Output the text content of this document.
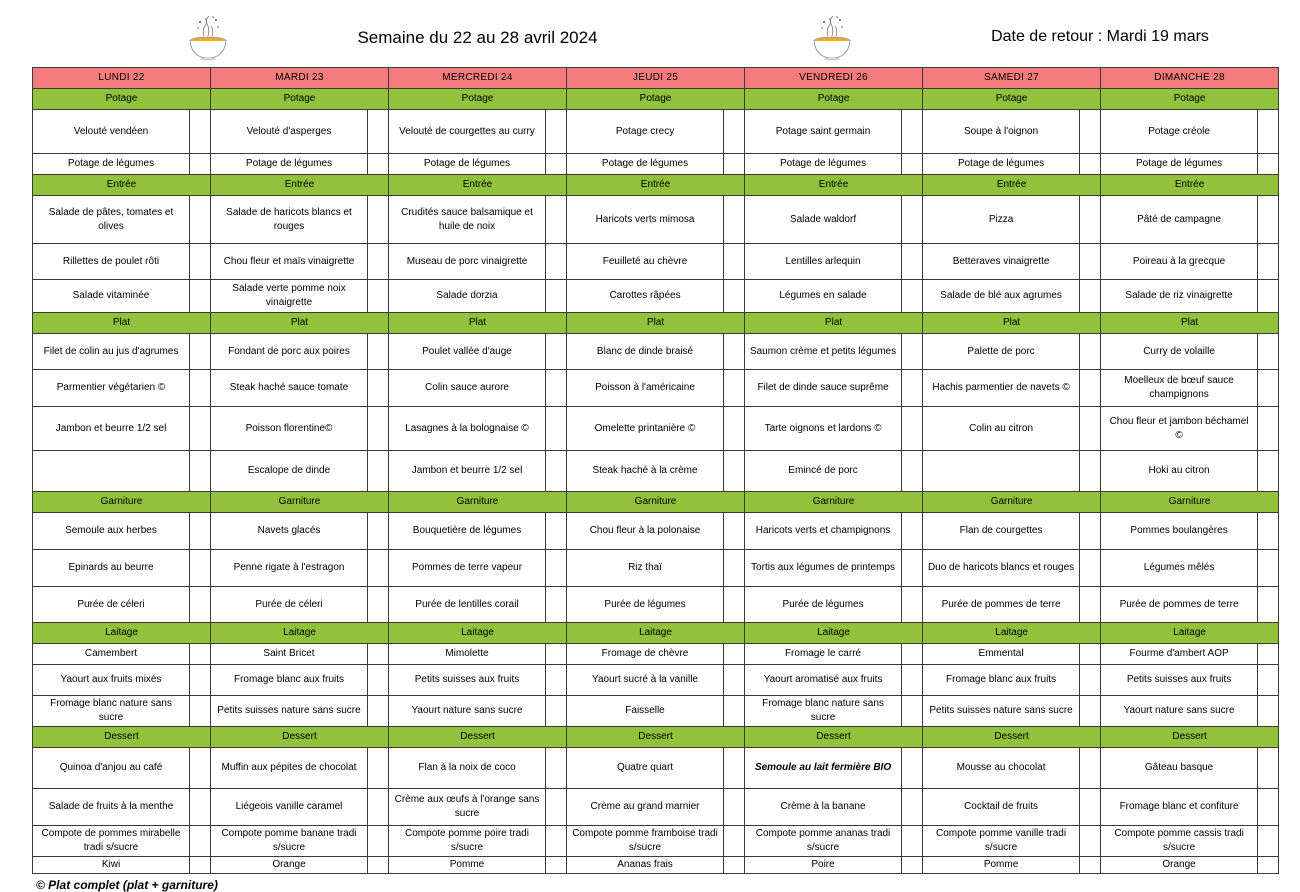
Semaine du 22 au 28 avril 2024	Date de retour : Mardi 19 mars
LUNDI 22		MARDI 23		MERCREDI 24		JEUDI 25		VENDREDI 26		SAMEDI 27		DIMANCHE 28	
Potage		Potage		Potage		Potage		Potage		Potage		Potage	
Velouté vendéen		Velouté d'asperges		Velouté de courgettes au curry		Potage crecy		Potage saint germain		Soupe à l'oignon		Potage créole	
Potage de légumes		Potage de légumes		Potage de légumes		Potage de légumes		Potage de légumes		Potage de légumes		Potage de légumes	
Entrée		Entrée		Entrée		Entrée		Entrée		Entrée		Entrée	
Salade de pâtes, tomates et olives		Salade de haricots blancs et rouges		Crudités sauce balsamique et huile de noix		Haricots verts mimosa		Salade waldorf		Pizza		Pâté de campagne	
Rillettes de poulet rôti		Chou fleur et maïs vinaigrette		Museau de porc vinaigrette		Feuilleté au chèvre		Lentilles arlequin		Betteraves vinaigrette		Poireau à la grecque	
Salade vitaminée		Salade verte pomme noix vinaigrette		Salade dorzia		Carottes râpées		Légumes en salade		Salade de blé aux agrumes		Salade de riz vinaigrette	
Plat		Plat		Plat		Plat		Plat		Plat		Plat	
Filet de colin au jus d'agrumes		Fondant de porc aux poires		Poulet vallée d'auge		Blanc de dinde braisé		Saumon crème et petits légumes		Palette de porc		Curry de volaille	
Parmentier végétarien ©		Steak haché sauce tomate		Colin sauce aurore		Poisson à l'américaine		Filet de dinde sauce suprême		Hachis parmentier de navets ©		Moelleux de bœuf sauce champignons	
Jambon et beurre 1/2 sel		Poisson florentine©		Lasagnes à la bolognaise ©		Omelette printanière ©		Tarte oignons et lardons ©		Colin au citron		Chou fleur et jambon béchamel ©	
		Escalope de dinde		Jambon et beurre 1/2 sel		Steak haché à la crème		Emincé de porc				Hoki au citron	
Garniture		Garniture		Garniture		Garniture		Garniture		Garniture		Garniture	
Semoule aux herbes		Navets glacés		Bouquetière de légumes		Chou fleur à la polonaise		Haricots verts et champignons		Flan de courgettes		Pommes boulangères	
Epinards au beurre		Penne rigate à l'estragon		Pommes de terre vapeur		Riz thaï		Tortis aux légumes de printemps		Duo de haricots blancs et rouges		Légumes mêlés	
Purée de céleri		Purée de céleri		Purée de lentilles corail		Purée de légumes		Purée de légumes		Purée de pommes de terre		Purée de pommes de terre	
Laitage		Laitage		Laitage		Laitage		Laitage		Laitage		Laitage	
Camembert		Saint Bricet		Mimolette		Fromage de chèvre		Fromage le carré		Emmental		Fourme d'ambert AOP	
Yaourt aux fruits mixés		Fromage blanc aux fruits		Petits suisses aux fruits		Yaourt sucré à la vanille		Yaourt aromatisé aux fruits		Fromage blanc aux fruits		Petits suisses aux fruits	
Fromage blanc nature sans sucre		Petits suisses nature sans sucre		Yaourt nature sans sucre		Faisselle		Fromage blanc nature sans sucre		Petits suisses nature sans sucre		Yaourt nature sans sucre	
Dessert		Dessert		Dessert		Dessert		Dessert		Dessert		Dessert	
Quinoa d'anjou au café		Muffin aux pépites de chocolat		Flan à la noix de coco		Quatre quart		Semoule au lait fermière BIO		Mousse au chocolat		Gâteau basque	
Salade de fruits à la menthe		Liégeois vanille caramel		Crème aux œufs à l'orange sans sucre		Crème au grand marnier		Crème à la banane		Cocktail de fruits		Fromage blanc et confiture	
Compote de pommes mirabelle tradi s/sucre		Compote pomme banane tradi s/sucre		Compote pomme poire tradi s/sucre		Compote pomme framboise tradi s/sucre		Compote pomme ananas tradi s/sucre		Compote pomme vanille tradi s/sucre		Compote pomme cassis tradi s/sucre	
Kiwi		Orange		Pomme		Ananas frais		Poire		Pomme		Orange	
© Plat complet (plat + garniture)
